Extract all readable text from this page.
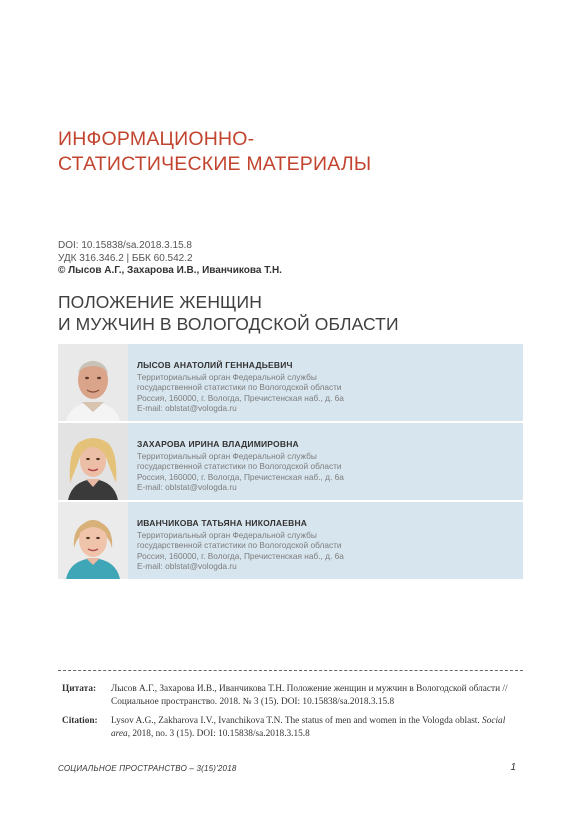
ИНФОРМАЦИОННО-
СТАТИСТИЧЕСКИЕ МАТЕРИАЛЫ
DOI: 10.15838/sa.2018.3.15.8
УДК 316.346.2 | ББК 60.542.2
© Лысов А.Г., Захарова И.В., Иванчикова Т.Н.
ПОЛОЖЕНИЕ ЖЕНЩИН
И МУЖЧИН В ВОЛОГОДСКОЙ ОБЛАСТИ
ЛЫСОВ АНАТОЛИЙ ГЕННАДЬЕВИЧ
Территориальный орган Федеральной службы
государственной статистики по Вологодской области
Россия, 160000, г. Вологда, Пречистенская наб., д. 6а
E-mail: oblstat@vologda.ru
ЗАХАРОВА ИРИНА ВЛАДИМИРОВНА
Территориальный орган Федеральной службы
государственной статистики по Вологодской области
Россия, 160000, г. Вологда, Пречистенская наб., д. 6а
E-mail: oblstat@vologda.ru
ИВАНЧИКОВА ТАТЬЯНА НИКОЛАЕВНА
Территориальный орган Федеральной службы
государственной статистики по Вологодской области
Россия, 160000, г. Вологда, Пречистенская наб., д. 6а
E-mail: oblstat@vologda.ru
Цитата:	Лысов А.Г., Захарова И.В., Иванчикова Т.Н. Положение женщин и мужчин в Вологодской области // Социальное пространство. 2018. № 3 (15). DOI: 10.15838/sa.2018.3.15.8
Citation:	Lysov A.G., Zakharova I.V., Ivanchikova T.N. The status of men and women in the Vologda oblast. Social area, 2018, no. 3 (15). DOI: 10.15838/sa.2018.3.15.8
СОЦИАЛЬНОЕ ПРОСТРАНСТВО – 3(15)'2018	1
